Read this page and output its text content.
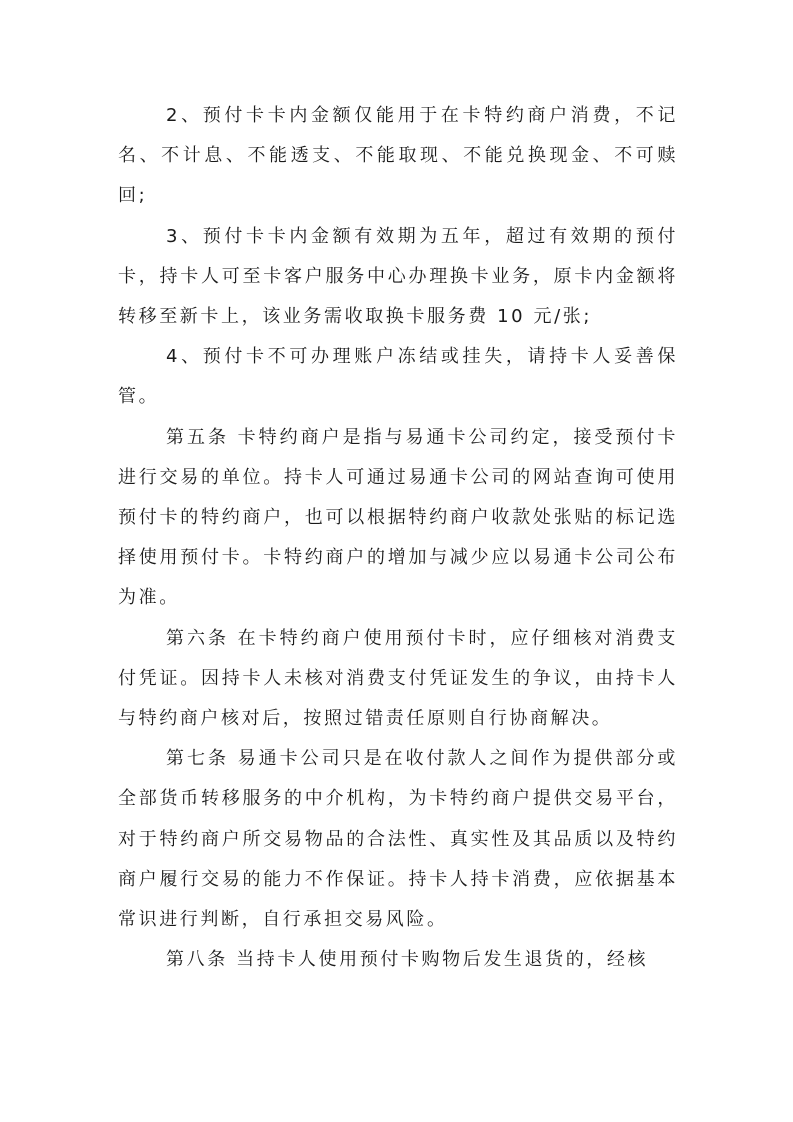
2、预付卡卡内金额仅能用于在卡特约商户消费，不记名、不计息、不能透支、不能取现、不能兑换现金、不可赎回;

3、预付卡卡内金额有效期为五年，超过有效期的预付卡，持卡人可至卡客户服务中心办理换卡业务，原卡内金额将转移至新卡上，该业务需收取换卡服务费 10 元/张;

4、预付卡不可办理账户冻结或挂失，请持卡人妥善保管。

第五条 卡特约商户是指与易通卡公司约定，接受预付卡进行交易的单位。持卡人可通过易通卡公司的网站查询可使用预付卡的特约商户，也可以根据特约商户收款处张贴的标记选择使用预付卡。卡特约商户的增加与减少应以易通卡公司公布为准。

第六条 在卡特约商户使用预付卡时，应仔细核对消费支付凭证。因持卡人未核对消费支付凭证发生的争议，由持卡人与特约商户核对后，按照过错责任原则自行协商解决。

第七条 易通卡公司只是在收付款人之间作为提供部分或全部货币转移服务的中介机构，为卡特约商户提供交易平台，对于特约商户所交易物品的合法性、真实性及其品质以及特约商户履行交易的能力不作保证。持卡人持卡消费，应依据基本常识进行判断，自行承担交易风险。

第八条 当持卡人使用预付卡购物后发生退货的，经核
